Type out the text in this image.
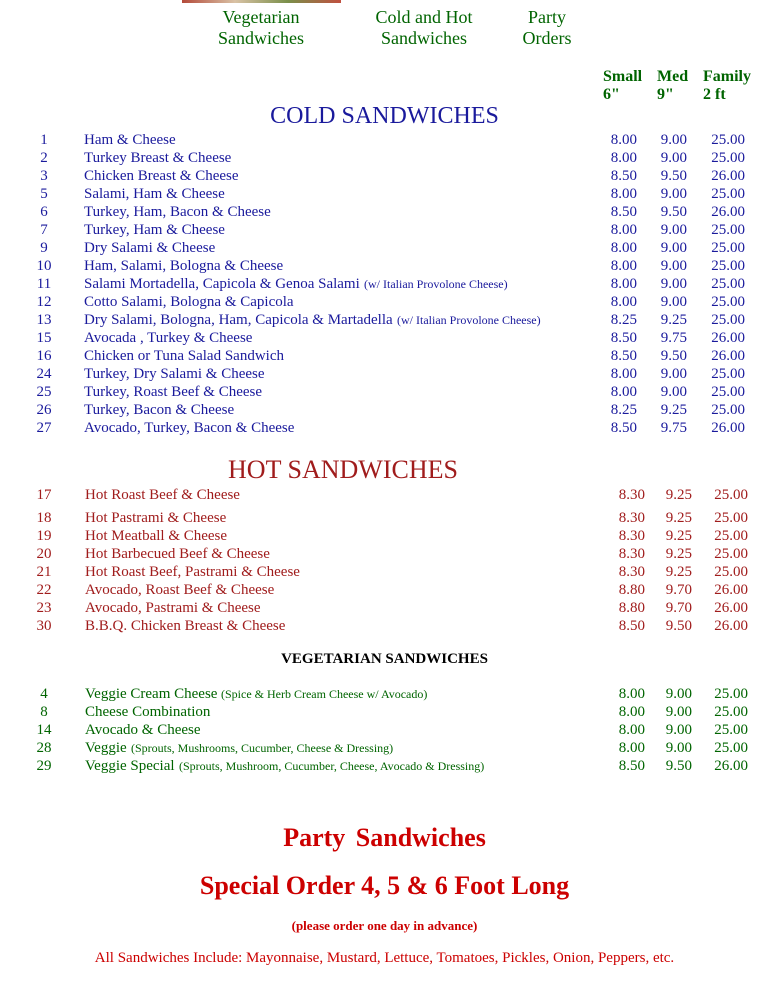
Vegetarian
Sandwiches
Cold and Hot
Sandwiches
Party
Orders
Small
6"
Med
9"
Family
2 ft
COLD SANDWICHES
1	Ham & Cheese	8.00	9.00	25.00
2	Turkey Breast & Cheese	8.00	9.00	25.00
3	Chicken Breast & Cheese	8.50	9.50	26.00
5	Salami, Ham & Cheese	8.00	9.00	25.00
6	Turkey, Ham, Bacon & Cheese	8.50	9.50	26.00
7	Turkey, Ham & Cheese	8.00	9.00	25.00
9	Dry Salami & Cheese	8.00	9.00	25.00
10	Ham, Salami, Bologna & Cheese	8.00	9.00	25.00
11	Salami Mortadella, Capicola & Genoa Salami (w/ Italian Provolone Cheese)	8.00	9.00	25.00
12	Cotto Salami, Bologna & Capicola	8.00	9.00	25.00
13	Dry Salami, Bologna, Ham, Capicola & Martadella (w/ Italian Provolone Cheese)	8.25	9.25	25.00
15	Avocada , Turkey & Cheese	8.50	9.75	26.00
16	Chicken or Tuna Salad Sandwich	8.50	9.50	26.00
24	Turkey, Dry Salami & Cheese	8.00	9.00	25.00
25	Turkey, Roast Beef & Cheese	8.00	9.00	25.00
26	Turkey, Bacon & Cheese	8.25	9.25	25.00
27	Avocado, Turkey, Bacon & Cheese	8.50	9.75	26.00
HOT SANDWICHES
17	Hot Roast Beef & Cheese	8.30	9.25	25.00
18	Hot Pastrami & Cheese	8.30	9.25	25.00
19	Hot Meatball & Cheese	8.30	9.25	25.00
20	Hot Barbecued Beef & Cheese	8.30	9.25	25.00
21	Hot Roast Beef, Pastrami & Cheese	8.30	9.25	25.00
22	Avocado, Roast Beef & Cheese	8.80	9.70	26.00
23	Avocado, Pastrami & Cheese	8.80	9.70	26.00
30	B.B.Q. Chicken Breast & Cheese	8.50	9.50	26.00
VEGETARIAN SANDWICHES
4	Veggie Cream Cheese (Spice & Herb Cream Cheese w/ Avocado)	8.00	9.00	25.00
8	Cheese Combination	8.00	9.00	25.00
14	Avocado & Cheese	8.00	9.00	25.00
28	Veggie (Sprouts, Mushrooms, Cucumber, Cheese & Dressing)	8.00	9.00	25.00
29	Veggie Special (Sprouts, Mushroom, Cucumber, Cheese, Avocado & Dressing)	8.50	9.50	26.00
Party Sandwiches
Special Order 4, 5 & 6 Foot Long
(please order one day in advance)
All Sandwiches Include: Mayonnaise, Mustard, Lettuce, Tomatoes, Pickles, Onion, Peppers, etc.
